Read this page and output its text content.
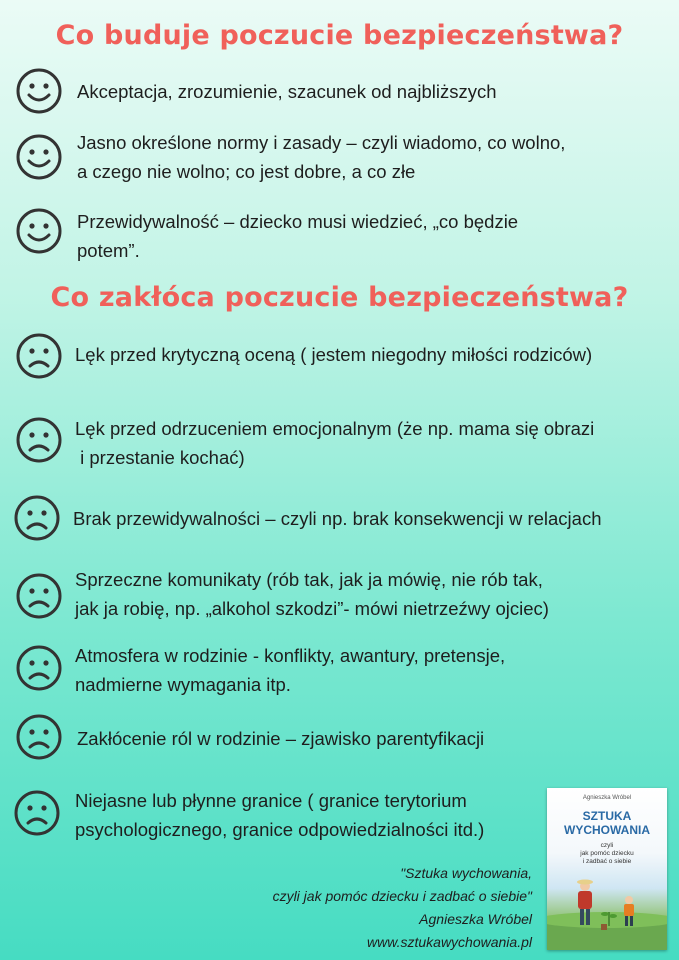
Co buduje poczucie bezpieczeństwa?
Akceptacja, zrozumienie, szacunek od najbliższych
Jasno określone normy i zasady – czyli wiadomo, co wolno,
a czego nie wolno; co jest dobre, a co złe
Przewidywalność – dziecko musi wiedzieć, „co będzie
potem”.
Co zakłóca poczucie bezpieczeństwa?
Lęk przed krytyczną oceną ( jestem niegodny miłości rodziców)
Lęk przed odrzuceniem emocjonalnym (że np. mama się obrazi
i przestanie kochać)
Brak przewidywalności – czyli np. brak konsekwencji w relacjach
Sprzeczne komunikaty (rób tak, jak ja mówię, nie rób tak,
jak ja robię, np. „alkohol szkodzi”- mówi nietrzeźwy ojciec)
Atmosfera w rodzinie - konflikty, awantury, pretensje,
nadmierne wymagania itp.
Zakłócenie ról w rodzinie – zjawisko parentyfikacji
Niejasne lub płynne granice ( granice terytorium
psychologicznego, granice odpowiedzialności itd.)
Agnieszka Wróbel
SZTUKA
WYCHOWANIA
czyli
jak pomóc dziecku
i zadbać o siebie
"Sztuka wychowania,
czyli jak pomóc dziecku i zadbać o siebie"
Agnieszka Wróbel
www.sztukawychowania.pl
